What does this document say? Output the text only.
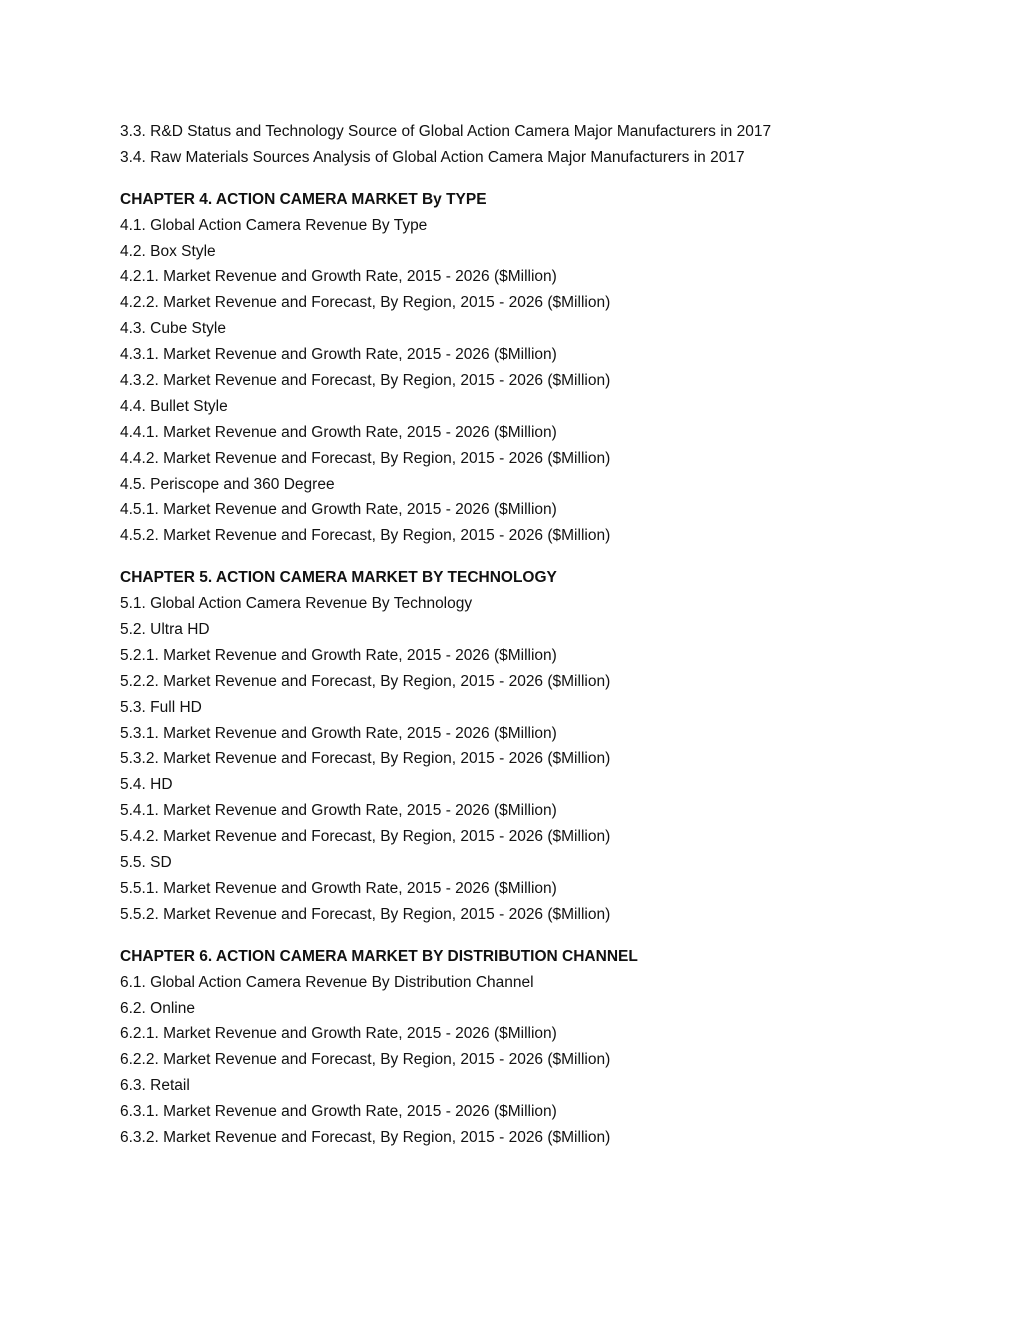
3.3. R&D Status and Technology Source of Global Action Camera Major Manufacturers in 2017
3.4. Raw Materials Sources Analysis of Global Action Camera Major Manufacturers in 2017
CHAPTER 4. ACTION CAMERA MARKET By TYPE
4.1. Global Action Camera Revenue By Type
4.2. Box Style
4.2.1. Market Revenue and Growth Rate, 2015 - 2026 ($Million)
4.2.2. Market Revenue and Forecast, By Region, 2015 - 2026 ($Million)
4.3. Cube Style
4.3.1. Market Revenue and Growth Rate, 2015 - 2026 ($Million)
4.3.2. Market Revenue and Forecast, By Region, 2015 - 2026 ($Million)
4.4. Bullet Style
4.4.1. Market Revenue and Growth Rate, 2015 - 2026 ($Million)
4.4.2. Market Revenue and Forecast, By Region, 2015 - 2026 ($Million)
4.5. Periscope and 360 Degree
4.5.1. Market Revenue and Growth Rate, 2015 - 2026 ($Million)
4.5.2. Market Revenue and Forecast, By Region, 2015 - 2026 ($Million)
CHAPTER 5. ACTION CAMERA MARKET BY TECHNOLOGY
5.1. Global Action Camera Revenue By Technology
5.2. Ultra HD
5.2.1. Market Revenue and Growth Rate, 2015 - 2026 ($Million)
5.2.2. Market Revenue and Forecast, By Region, 2015 - 2026 ($Million)
5.3. Full HD
5.3.1. Market Revenue and Growth Rate, 2015 - 2026 ($Million)
5.3.2. Market Revenue and Forecast, By Region, 2015 - 2026 ($Million)
5.4. HD
5.4.1. Market Revenue and Growth Rate, 2015 - 2026 ($Million)
5.4.2. Market Revenue and Forecast, By Region, 2015 - 2026 ($Million)
5.5. SD
5.5.1. Market Revenue and Growth Rate, 2015 - 2026 ($Million)
5.5.2. Market Revenue and Forecast, By Region, 2015 - 2026 ($Million)
CHAPTER 6. ACTION CAMERA MARKET BY DISTRIBUTION CHANNEL
6.1. Global Action Camera Revenue By Distribution Channel
6.2. Online
6.2.1. Market Revenue and Growth Rate, 2015 - 2026 ($Million)
6.2.2. Market Revenue and Forecast, By Region, 2015 - 2026 ($Million)
6.3. Retail
6.3.1. Market Revenue and Growth Rate, 2015 - 2026 ($Million)
6.3.2. Market Revenue and Forecast, By Region, 2015 - 2026 ($Million)
